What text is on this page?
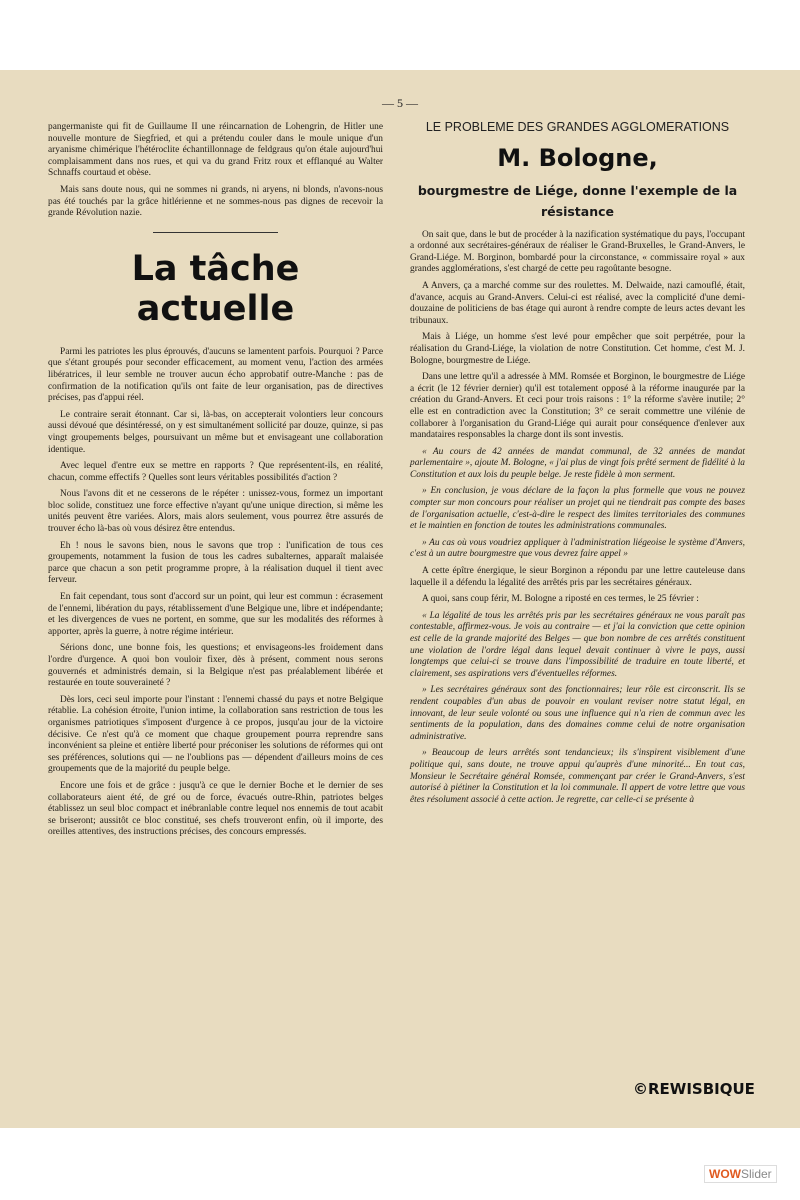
— 5 —

pangermaniste qui fit de Guillaume II une réincarnation de Lohengrin, de Hitler une nouvelle monture de Siegfried, et qui a prétendu couler dans le moule unique d'un aryanisme chimérique l'hétéroclite échantillonnage de feldgraus qu'on étale aujourd'hui complaisamment dans nos rues, et qui va du grand Fritz roux et efflanqué au Walter Schnaffs courtaud et obèse.

Mais sans doute nous, qui ne sommes ni grands, ni aryens, ni blonds, n'avons-nous pas été touchés par la grâce hitlérienne et ne sommes-nous pas dignes de recevoir la grande Révolution nazie.

La tâche actuelle

Parmi les patriotes les plus éprouvés, d'aucuns se lamentent parfois. Pourquoi ? Parce que s'étant groupés pour seconder efficacement, au moment venu, l'action des armées libératrices, il leur semble ne trouver aucun écho approbatif outre-Manche : pas de confirmation de la notification qu'ils ont faite de leur organisation, pas de directives précises, pas d'appui réel.

Le contraire serait étonnant. Car si, là-bas, on accepterait volontiers leur concours aussi dévoué que désintéressé, on y est simultanément sollicité par douze, quinze, si pas vingt groupements belges, poursuivant un même but et envisageant une collaboration identique.

Avec lequel d'entre eux se mettre en rapports ? Que représentent-ils, en réalité, chacun, comme effectifs ? Quelles sont leurs véritables possibilités d'action ?

Nous l'avons dit et ne cesserons de le répéter : unissez-vous, formez un important bloc solide, constituez une force effective n'ayant qu'une unique direction, si même les unités peuvent être variées. Alors, mais alors seulement, vous pourrez être assurés de trouver écho là-bas où vous désirez être entendus.

Eh ! nous le savons bien, nous le savons que trop : l'unification de tous ces groupements, notamment la fusion de tous les cadres subalternes, apparaît malaisée parce que chacun a son petit programme propre, à la réalisation duquel il tient avec ferveur.

En fait cependant, tous sont d'accord sur un point, qui leur est commun : écrasement de l'ennemi, libération du pays, rétablissement d'une Belgique une, libre et indépendante; et les divergences de vues ne portent, en somme, que sur les modalités des réformes à apporter, après la guerre, à notre régime intérieur.

Sérions donc, une bonne fois, les questions; et envisageons-les froidement dans l'ordre d'urgence. A quoi bon vouloir fixer, dès à présent, comment nous serons gouvernés et administrés demain, si la Belgique n'est pas préalablement libérée et restaurée en toute souveraineté ?

Dès lors, ceci seul importe pour l'instant : l'ennemi chassé du pays et notre Belgique rétablie. La cohésion étroite, l'union intime, la collaboration sans restriction de tous les organismes patriotiques s'imposent d'urgence à ce propos, jusqu'au jour de la victoire décisive. Ce n'est qu'à ce moment que chaque groupement pourra reprendre sans inconvénient sa pleine et entière liberté pour préconiser les solutions de réformes qui ont ses préférences, solutions qui — ne l'oublions pas — dépendent d'ailleurs moins de ces groupements que de la majorité du peuple belge.

Encore une fois et de grâce : jusqu'à ce que le dernier Boche et le dernier de ses collaborateurs aient été, de gré ou de force, évacués outre-Rhin, patriotes belges établissez un seul bloc compact et inébranlable contre lequel nos ennemis de tout acabit se briseront; aussitôt ce bloc constitué, ses chefs trouveront enfin, où il importe, des oreilles attentives, des instructions précises, des concours empressés.

LE PROBLEME DES GRANDES AGGLOMERATIONS
M. Bologne,
bourgmestre de Liége, donne l'exemple de la résistance

On sait que, dans le but de procéder à la nazification systématique du pays, l'occupant a ordonné aux secrétaires-généraux de réaliser le Grand-Bruxelles, le Grand-Anvers, le Grand-Liége. M. Borginon, bombardé pour la circonstance, « commissaire royal » aux grandes agglomérations, s'est chargé de cette peu ragoûtante besogne.

A Anvers, ça a marché comme sur des roulettes. M. Delwaide, nazi camouflé, était, d'avance, acquis au Grand-Anvers. Celui-ci est réalisé, avec la complicité d'une demi-douzaine de politiciens de bas étage qui auront à rendre compte de leurs actes devant les tribunaux.

Mais à Liége, un homme s'est levé pour empêcher que soit perpétrée, pour la réalisation du Grand-Liége, la violation de notre Constitution. Cet homme, c'est M. J. Bologne, bourgmestre de Liége.

Dans une lettre qu'il a adressée à MM. Romsée et Borginon, le bourgmestre de Liége a écrit (le 12 février dernier) qu'il est totalement opposé à la réforme inaugurée par la création du Grand-Anvers. Et ceci pour trois raisons : 1° la réforme s'avère inutile; 2° elle est en contradiction avec la Constitution; 3° ce serait commettre une vilénie de collaborer à l'organisation du Grand-Liége qui aurait pour conséquence d'enlever aux mandataires responsables la charge dont ils sont investis.

« Au cours de 42 années de mandat communal, de 32 années de mandat parlementaire », ajoute M. Bologne, « j'ai plus de vingt fois prêté serment de fidélité à la Constitution et aux lois du peuple belge. Je reste fidèle à mon serment.

» En conclusion, je vous déclare de la façon la plus formelle que vous ne pouvez compter sur mon concours pour réaliser un projet qui ne tiendrait pas compte des bases de l'organisation actuelle, c'est-à-dire le respect des limites territoriales des communes et le maintien en fonction de toutes les administrations communales.

» Au cas où vous voudriez appliquer à l'administration liégeoise le système d'Anvers, c'est à un autre bourgmestre que vous devrez faire appel »

A cette épître énergique, le sieur Borginon a répondu par une lettre cauteleuse dans laquelle il a défendu la légalité des arrêtés pris par les secrétaires généraux.

A quoi, sans coup férir, M. Bologne a riposté en ces termes, le 25 février :

« La légalité de tous les arrêtés pris par les secrétaires généraux ne vous paraît pas contestable, affirmez-vous. Je vois au contraire — et j'ai la conviction que cette opinion est celle de la grande majorité des Belges — que bon nombre de ces arrêtés constituent une violation de l'ordre légal dans lequel devait continuer à vivre le pays, aussi longtemps que celui-ci se trouve dans l'impossibilité de traduire en toute liberté, et clairement, ses aspirations vers d'éventuelles réformes.

» Les secrétaires généraux sont des fonctionnaires; leur rôle est circonscrit. Ils se rendent coupables d'un abus de pouvoir en voulant reviser notre statut légal, en innovant, de leur seule volonté ou sous une influence qui n'a rien de commun avec les sentiments de la population, dans des domaines comme celui de notre organisation administrative.

» Beaucoup de leurs arrêtés sont tendancieux; ils s'inspirent visiblement d'une politique qui, sans doute, ne trouve appui qu'auprès d'une minorité... En tout cas, Monsieur le Secrétaire général Romsée, commençant par créer le Grand-Anvers, s'est autorisé à piétiner la Constitution et la loi communale. Il appert de votre lettre que vous êtes résolument associé à cette action. Je regrette, car celle-ci se présente à

©REWISBIQUE
WOWSlider
